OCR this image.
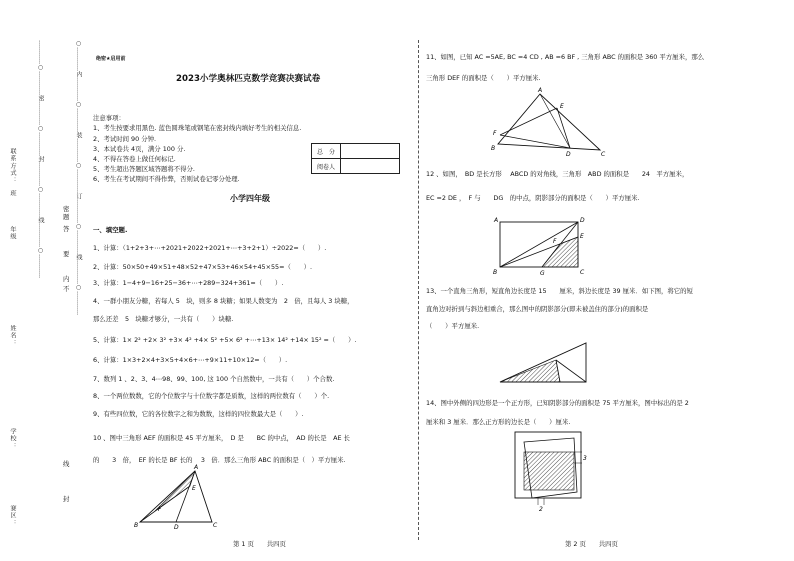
赛区：
学校：
姓名：
年级
班
联系方式：	…………○…………密…………○…………封…………○…………线…………○…………	密
封
线
内
不
要
答
题 ○…………内…………○…………装…………○…………订…………○…………线…………○…………	绝密★启用前
2023小学奥林匹克数学竞赛决赛试卷
注意事项：
1、考生按要求用黑色. 蓝色圆珠笔或钢笔在密封线内填好考生的相关信息.
2、考试时间 90 分钟.
3、本试卷共 4页，满分 100 分.
4、不得在答卷上做任何标记.
5、考生超出答题区域答题将不得分.
6、考生在考试期间不得作弊，否则试卷记零分处理.
总　分	
阅卷人	
小学四年级
一、填空题.
1、计算：（1+2+3+⋯+2021+2022+2021+⋯+3+2+1）÷2022=（　　）.
2、计算：50×50+49×51+48×52+47×53+46×54+45×55=（　　）.
3、计算：1−4+9−16+25−36+⋯+289−324+361=（　　）.
4、一群小朋友分糖，若每人 5　块，则多 8 块糖；如果人数变为　2　倍，且每人 3 块糖，
那么还差　5　块糖才够分，一共有（　　）块糖.
5、计算：1× 2² +2× 3² +3× 4² +4× 5² +5× 6² +⋯+13× 14² +14× 15² =（　　）.
6、计算：1×3+2×4+3×5+4×6+⋯+9×11+10×12=（　　）.
7、数列 1 、2、3、4⋯98、99、100, 这 100 个自然数中，一共有（　　）个合数.
8、一个两位数数，它的个位数字与十位数字都是质数，这样的两位数有（　　）个.
9、有些四位数，它的各位数字之和为数数，这样的四位数最大是（　　）.
10 、图中三角形 AEF 的面积是 45 平方厘米，　D 是　　BC 的中点，　AD 的长是　AE 长
的　　3　倍，　EF 的长是 BF 长的　 3　倍．那么三角形 ABC 的面积是（　）平方厘米.
A
F
E
B	D	C
第 1 页　　共四页
11、如图，已知 AC =5AE, BC =4 CD , AB =6 BF , 三角形 ABC 的面积是 360 平方厘米，那么
三角形 DEF 的面积是（　　）平方厘米.
A
E
F
B
D	C
12 、如图，　BD 是长方形　 ABCD 的对角线，三角形　ABD 的面积是　　24　平方厘米，
EC =2 DE ，　F 与　　DG　的中点，阴影部分的面积是（　　）平方厘米.
A	D
F
E
B	G	C
13、一个直角三角形，短直角边长度是 15　　厘米，斜边长度是 39 厘米．如下图，将它的短
直角边对折到与斜边相重合，那么图中的阴影部分(即未被盖住的部分)的面积是
（　　）平方厘米.
14、图中外侧的四边形是一个正方形，已知阴影部分的面积是 75 平方厘米，图中标出的是 2
厘米和 3 厘米．那么正方形的边长是（　　）厘米.
3
2
第 2 页　　共四页
